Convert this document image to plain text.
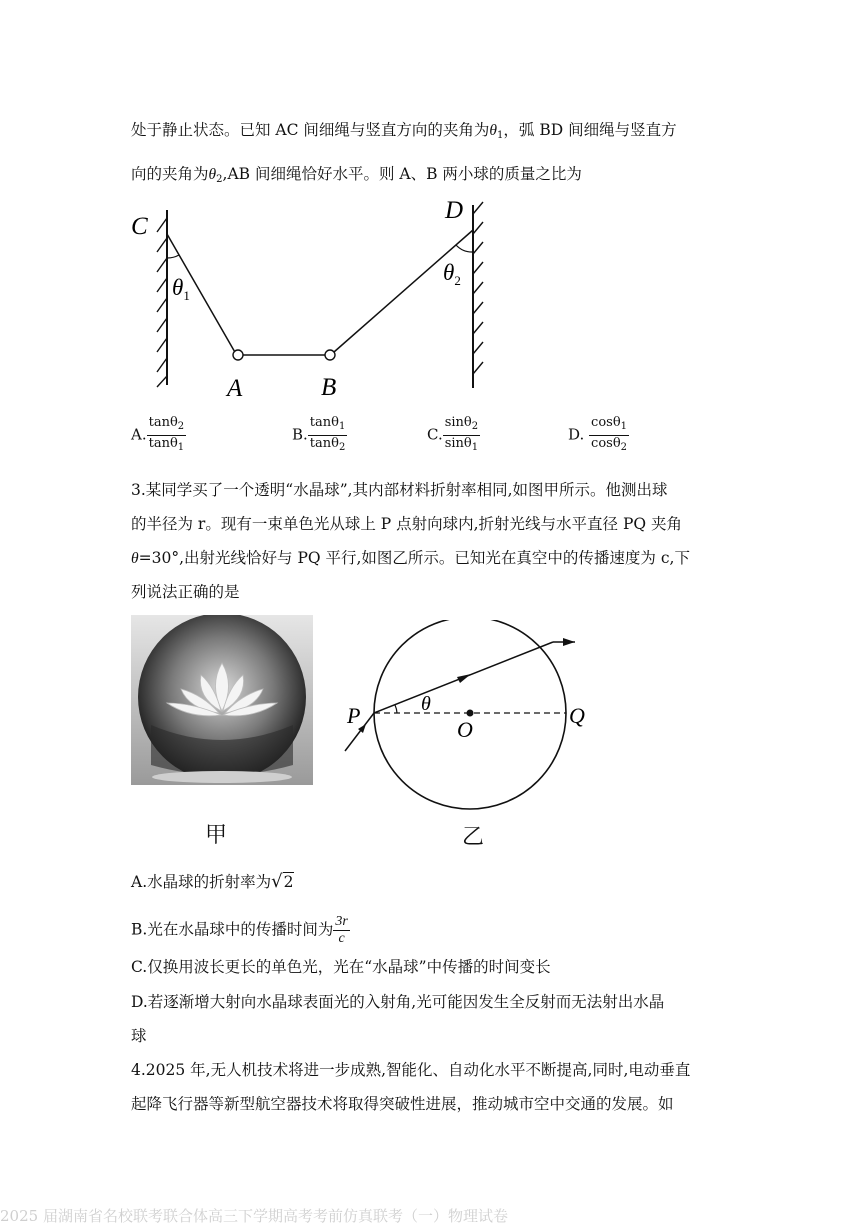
处于静止状态。已知 AC 间细绳与竖直方向的夹角为$\theta_1$，弧 BD 间细绳与竖直方
向的夹角为$\theta_2,AB$ 间细绳恰好水平。则 A、B 两小球的质量之比为
C
D
A	B
$\theta_1$
$\theta_2$
A. $\frac{\tan\theta_2}{\tan\theta_1}$	B. $\frac{\tan\theta_1}{\tan\theta_2}$	C. $\frac{\sin\theta_2}{\sin\theta_1}$	D. $\frac{\cos\theta_1}{\cos\theta_2}$
3.某同学买了一个透明“水晶球”,其内部材料折射率相同,如图甲所示。他测出球
的半径为 r。现有一束单色光从球上 P 点射向球内,折射光线与水平直径 PQ 夹角
θ=30°,出射光线恰好与 PQ 平行,如图乙所示。已知光在真空中的传播速度为 c,下
列说法正确的是
P	Q
O
θ
甲	乙
A.水晶球的折射率为√2
B.光在水晶球中的传播时间为 $\frac{3r}{c}$
C.仅换用波长更长的单色光，光在“水晶球”中传播的时间变长
D.若逐渐增大射向水晶球表面光的入射角,光可能因发生全反射而无法射出水晶
球
4.2025 年,无人机技术将进一步成熟,智能化、自动化水平不断提高,同时,电动垂直
起降飞行器等新型航空器技术将取得突破性进展，推动城市空中交通的发展。如
2025 届湖南省名校联考联合体高三下学期高考考前仿真联考（一）物理试卷
